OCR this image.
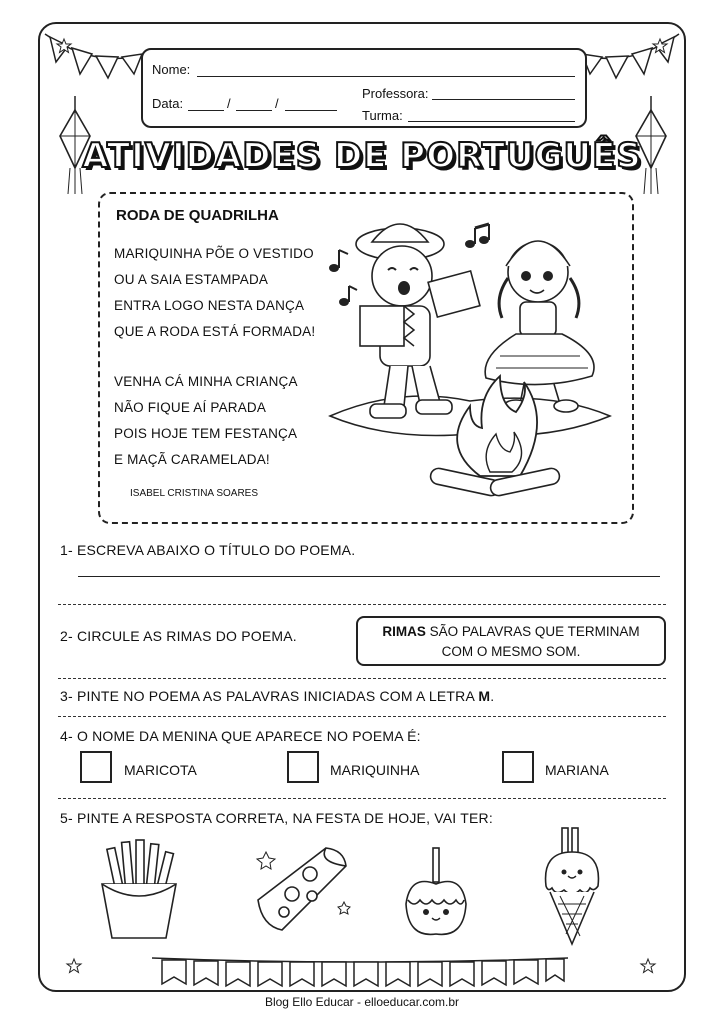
Nome:
Data:	/	/
Professora:
Turma:
ATIVIDADES DE PORTUGUÊS
RODA DE QUADRILHA
MARIQUINHA PÕE O VESTIDO
OU A SAIA ESTAMPADA
ENTRA LOGO NESTA DANÇA
QUE A RODA ESTÁ FORMADA!
VENHA CÁ MINHA CRIANÇA
NÃO FIQUE AÍ PARADA
POIS HOJE TEM FESTANÇA
E MAÇÃ CARAMELADA!
ISABEL CRISTINA SOARES
1- ESCREVA ABAIXO O TÍTULO DO POEMA.
2- CIRCULE AS RIMAS DO POEMA.	RIMAS SÃO PALAVRAS QUE TERMINAM
COM O MESMO SOM.
3- PINTE NO POEMA AS PALAVRAS INICIADAS COM A LETRA M.
4- O NOME DA MENINA QUE APARECE NO POEMA É:
MARICOTA	MARIQUINHA	MARIANA
5- PINTE A RESPOSTA CORRETA, NA FESTA DE HOJE, VAI TER:
Blog Ello Educar - elloeducar.com.br
